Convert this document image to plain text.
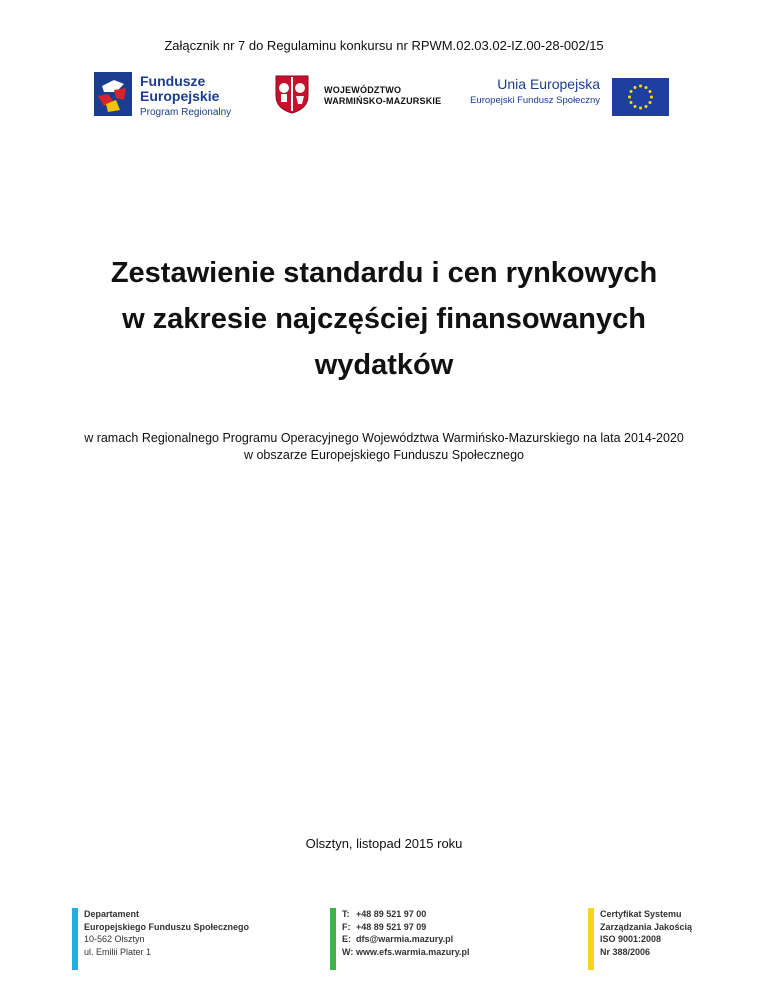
Załącznik nr 7 do Regulaminu konkursu nr RPWM.02.03.02-IZ.00-28-002/15
Fundusze
Europejskie
Program Regionalny
WOJEWÓDZTWO
WARMIŃSKO-MAZURSKIE
Unia Europejska
Europejski Fundusz Społeczny
Zestawienie standardu i cen rynkowych
w zakresie najczęściej finansowanych
wydatków
w ramach Regionalnego Programu Operacyjnego Województwa Warmińsko-Mazurskiego na lata 2014-2020
w obszarze Europejskiego Funduszu Społecznego
Olsztyn, listopad 2015 roku
Departament
Europejskiego Funduszu Społecznego
10-562 Olsztyn
ul. Emilii Plater 1
T: +48 89 521 97 00
F: +48 89 521 97 09
E: dfs@warmia.mazury.pl
W: www.efs.warmia.mazury.pl
Certyfikat Systemu
Zarządzania Jakością
ISO 9001:2008
Nr 388/2006
